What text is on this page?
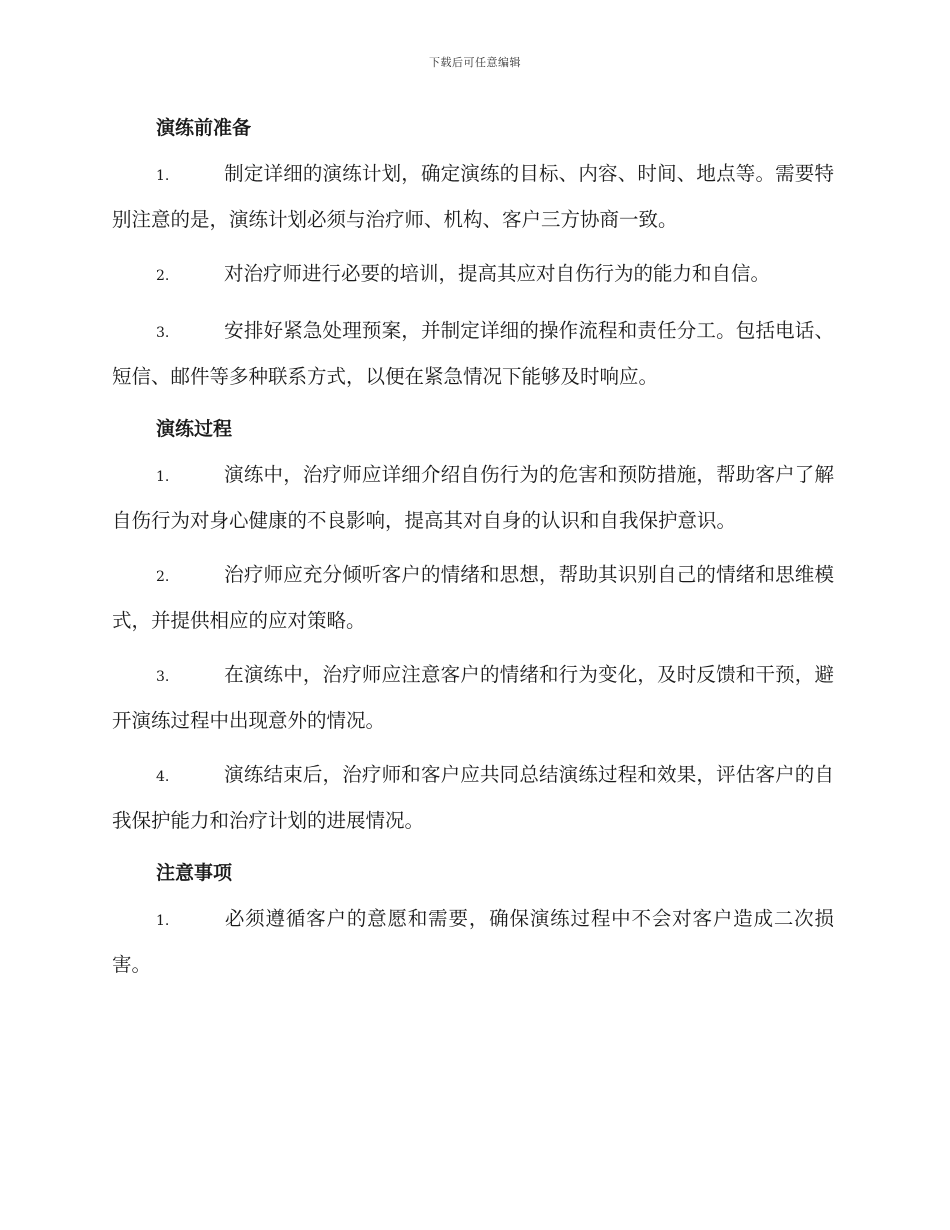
下载后可任意编辑
演练前准备

1.	制定详细的演练计划，确定演练的目标、内容、时间、地点等。需要特别注意的是，演练计划必须与治疗师、机构、客户三方协商一致。

2.	对治疗师进行必要的培训，提高其应对自伤行为的能力和自信。

3.	安排好紧急处理预案，并制定详细的操作流程和责任分工。包括电话、短信、邮件等多种联系方式，以便在紧急情况下能够及时响应。

演练过程

1.	演练中，治疗师应详细介绍自伤行为的危害和预防措施，帮助客户了解自伤行为对身心健康的不良影响，提高其对自身的认识和自我保护意识。

2.	治疗师应充分倾听客户的情绪和思想，帮助其识别自己的情绪和思维模式，并提供相应的应对策略。

3.	在演练中，治疗师应注意客户的情绪和行为变化，及时反馈和干预，避开演练过程中出现意外的情况。

4.	演练结束后，治疗师和客户应共同总结演练过程和效果，评估客户的自我保护能力和治疗计划的进展情况。

注意事项

1.	必须遵循客户的意愿和需要，确保演练过程中不会对客户造成二次损害。
